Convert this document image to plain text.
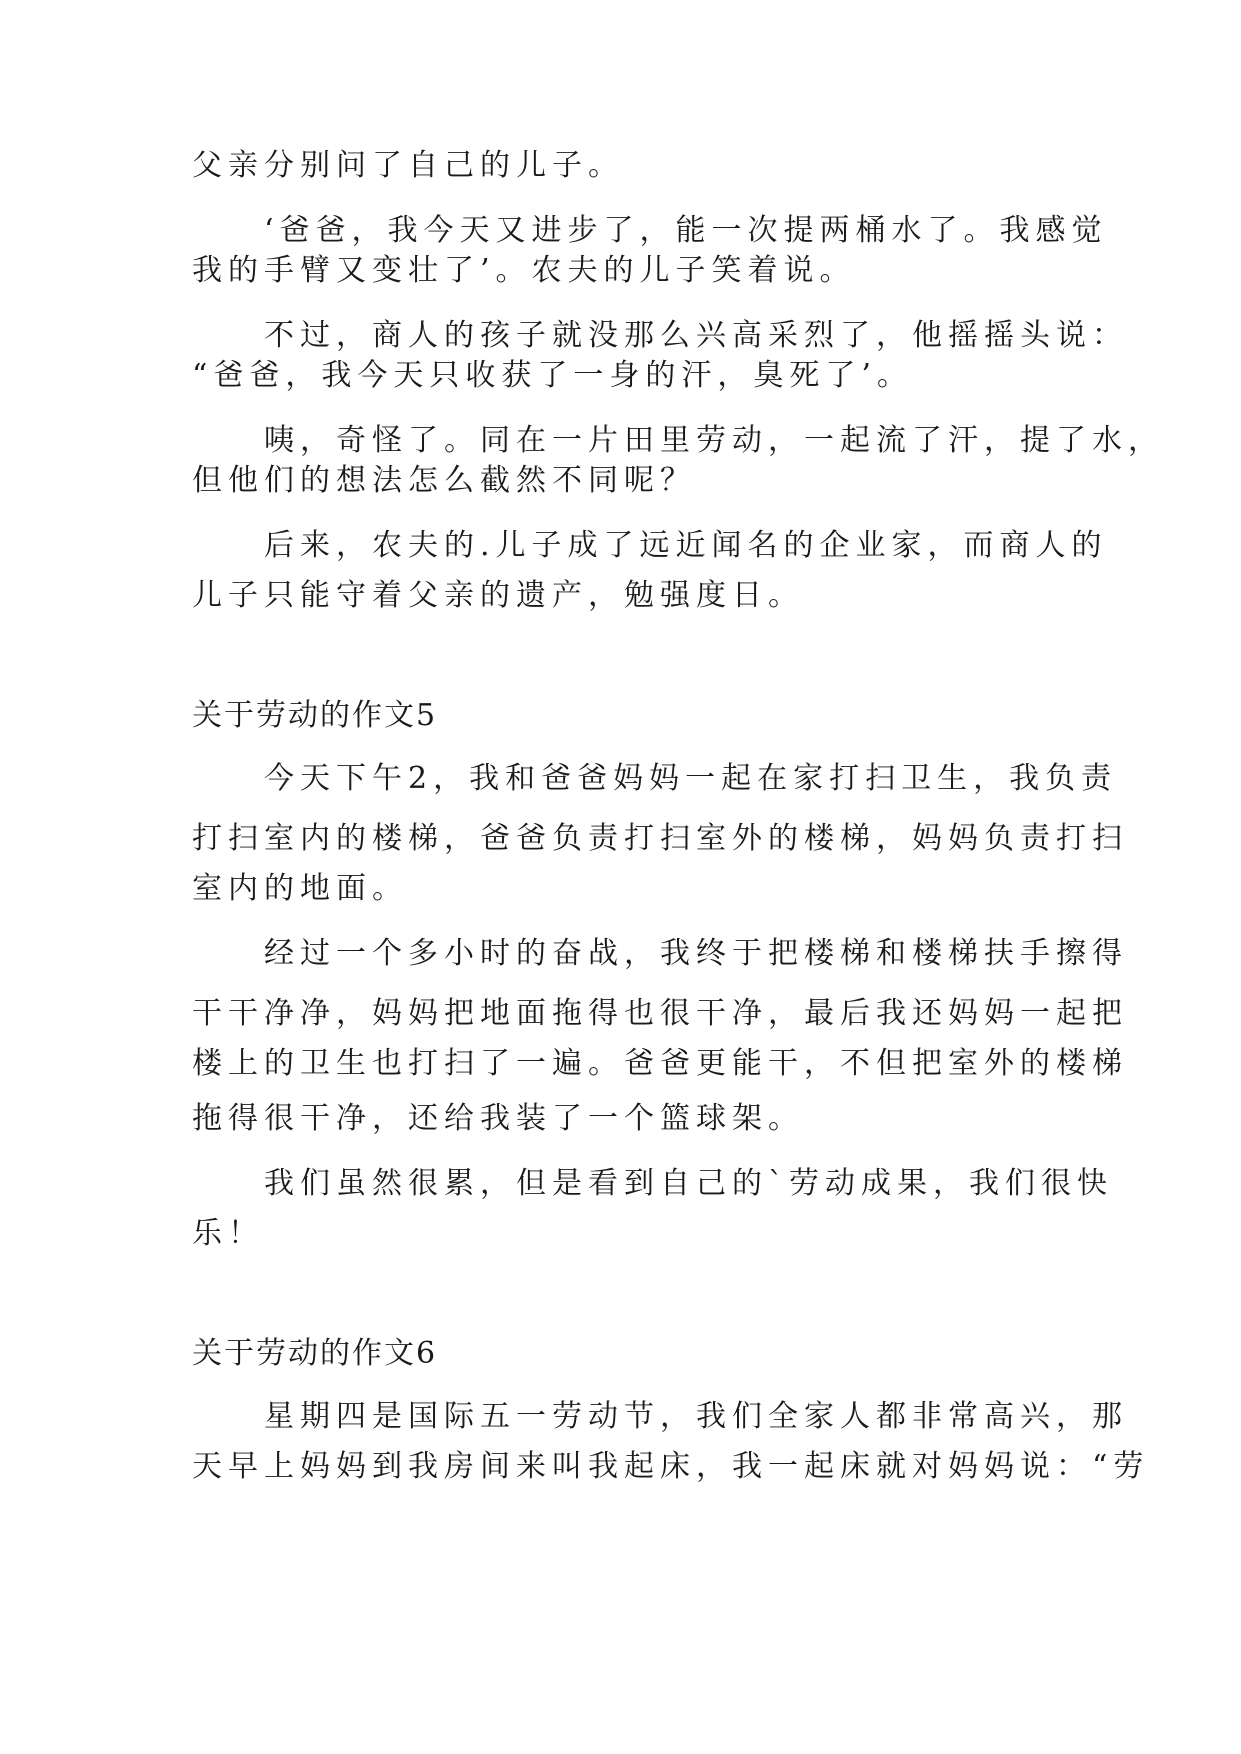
父亲分别问了自己的儿子。
　　‘爸爸，我今天又进步了，能一次提两桶水了。我感觉
我的手臂又变壮了’。农夫的儿子笑着说。
　　不过，商人的孩子就没那么兴高采烈了，他摇摇头说：
“爸爸，我今天只收获了一身的汗，臭死了’。
　　咦，奇怪了。同在一片田里劳动，一起流了汗，提了水，
但他们的想法怎么截然不同呢？
　　后来，农夫的.儿子成了远近闻名的企业家，而商人的
儿子只能守着父亲的遗产，勉强度日。
关于劳动的作文5
　　今天下午2，我和爸爸妈妈一起在家打扫卫生，我负责
打扫室内的楼梯，爸爸负责打扫室外的楼梯，妈妈负责打扫
室内的地面。
　　经过一个多小时的奋战，我终于把楼梯和楼梯扶手擦得
干干净净，妈妈把地面拖得也很干净，最后我还妈妈一起把
楼上的卫生也打扫了一遍。爸爸更能干，不但把室外的楼梯
拖得很干净，还给我装了一个篮球架。
　　我们虽然很累，但是看到自己的`劳动成果，我们很快
乐！
关于劳动的作文6
　　星期四是国际五一劳动节，我们全家人都非常高兴，那
天早上妈妈到我房间来叫我起床，我一起床就对妈妈说：“劳
